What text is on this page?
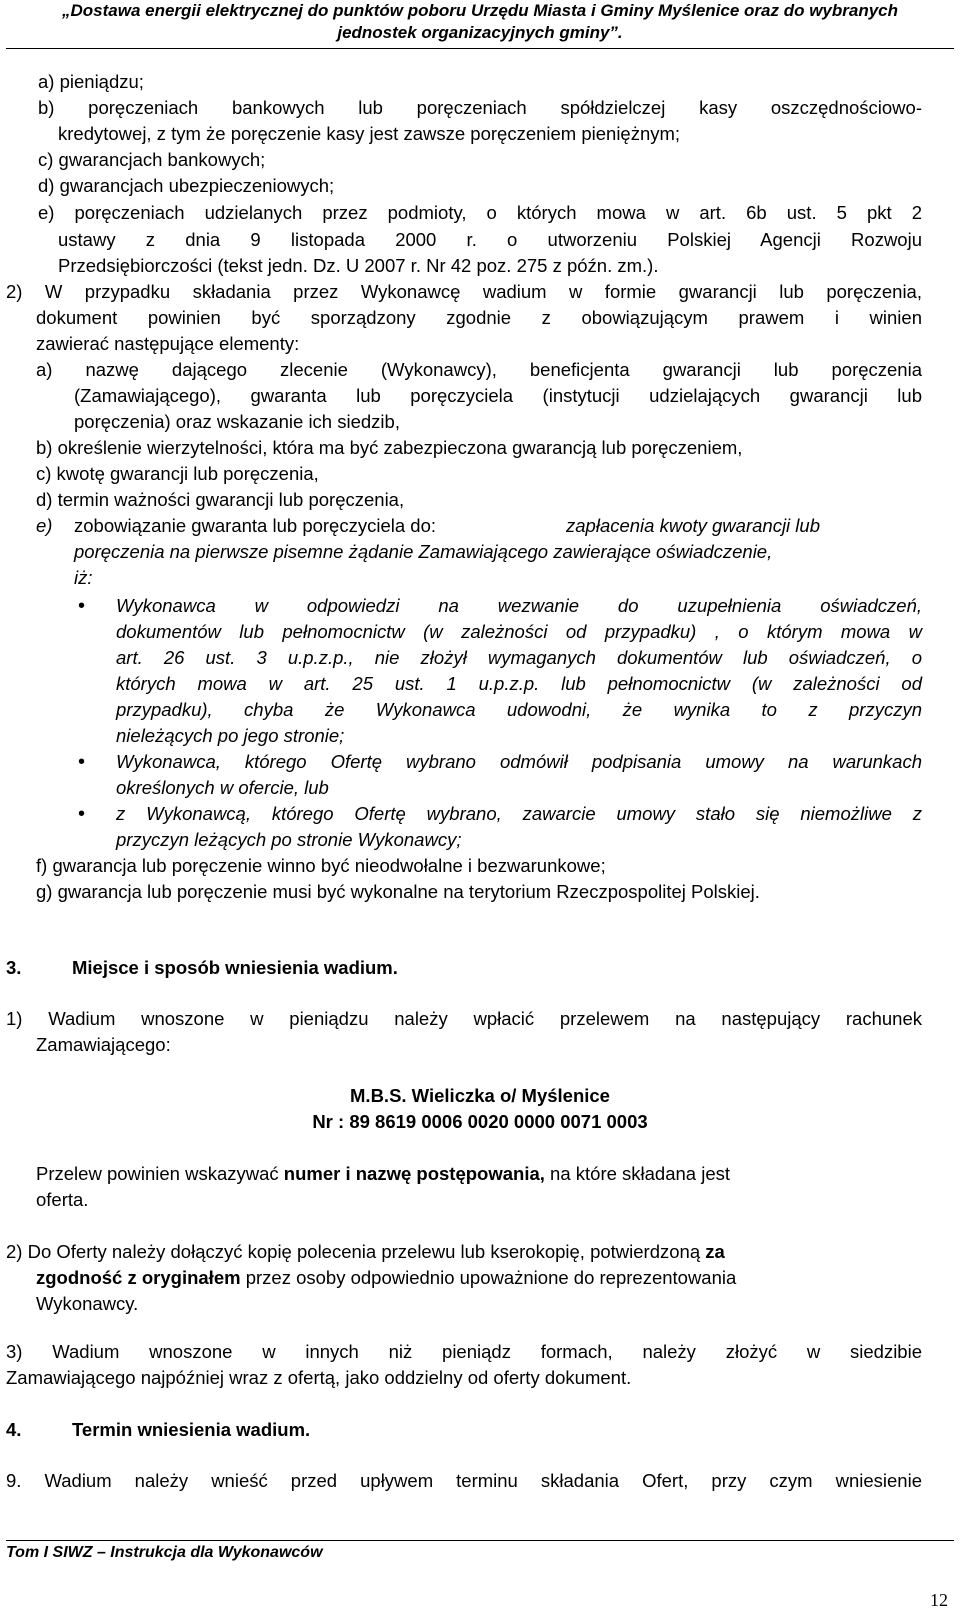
„Dostawa energii elektrycznej do punktów poboru Urzędu Miasta i Gminy Myślenice oraz do wybranych
jednostek organizacyjnych gminy”.
a) pieniądzu;
b) poręczeniach bankowych lub poręczeniach spółdzielczej kasy oszczędnościowo-
kredytowej, z tym że poręczenie kasy jest zawsze poręczeniem pieniężnym;
c) gwarancjach bankowych;
d) gwarancjach ubezpieczeniowych;
e) poręczeniach udzielanych przez podmioty, o których mowa w art. 6b ust. 5 pkt 2
ustawy z dnia 9 listopada 2000 r. o utworzeniu Polskiej Agencji Rozwoju
Przedsiębiorczości (tekst jedn. Dz. U 2007 r. Nr 42 poz. 275 z późn. zm.).
2) W przypadku składania przez Wykonawcę wadium w formie gwarancji lub poręczenia,
dokument powinien być sporządzony zgodnie z obowiązującym prawem i winien
zawierać następujące elementy:
a) nazwę dającego zlecenie (Wykonawcy), beneficjenta gwarancji lub poręczenia
(Zamawiającego), gwaranta lub poręczyciela (instytucji udzielających gwarancji lub
poręczenia) oraz wskazanie ich siedzib,
b) określenie wierzytelności, która ma być zabezpieczona gwarancją lub poręczeniem,
c) kwotę gwarancji lub poręczenia,
d) termin ważności gwarancji lub poręczenia,
e) zobowiązanie gwaranta lub poręczyciela do:	zapłacenia kwoty gwarancji lub
poręczenia na pierwsze pisemne żądanie Zamawiającego zawierające oświadczenie,
iż:
• Wykonawca w odpowiedzi na wezwanie do uzupełnienia oświadczeń,
dokumentów lub pełnomocnictw (w zależności od przypadku) , o którym mowa w
art. 26 ust. 3 u.p.z.p., nie złożył wymaganych dokumentów lub oświadczeń, o
których mowa w art. 25 ust. 1 u.p.z.p. lub pełnomocnictw (w zależności od
przypadku), chyba że Wykonawca udowodni, że wynika to z przyczyn
nieleżących po jego stronie;
• Wykonawca, którego Ofertę wybrano odmówił podpisania umowy na warunkach
określonych w ofercie, lub
• z Wykonawcą, którego Ofertę wybrano, zawarcie umowy stało się niemożliwe z
przyczyn leżących po stronie Wykonawcy;
f) gwarancja lub poręczenie winno być nieodwołalne i bezwarunkowe;
g) gwarancja lub poręczenie musi być wykonalne na terytorium Rzeczpospolitej Polskiej.
3.	Miejsce i sposób wniesienia wadium.
1) Wadium wnoszone w pieniądzu należy wpłacić przelewem na następujący rachunek
Zamawiającego:
M.B.S. Wieliczka o/ Myślenice
Nr : 89 8619 0006 0020 0000 0071 0003
Przelew powinien wskazywać numer i nazwę postępowania, na które składana jest
oferta.
2) Do Oferty należy dołączyć kopię polecenia przelewu lub kserokopię, potwierdzoną za
zgodność z oryginałem przez osoby odpowiednio upoważnione do reprezentowania
Wykonawcy.
3) Wadium wnoszone w innych niż pieniądz formach, należy złożyć w siedzibie
Zamawiającego najpóźniej wraz z ofertą, jako oddzielny od oferty dokument.
4.	Termin wniesienia wadium.
9. Wadium należy wnieść przed upływem terminu składania Ofert, przy czym wniesienie
Tom I SIWZ – Instrukcja dla Wykonawców
12
